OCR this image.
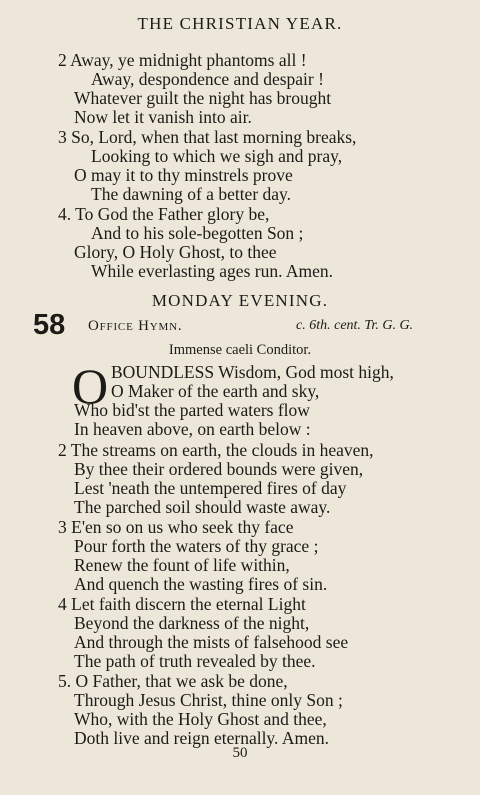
THE CHRISTIAN YEAR.
2 Away, ye midnight phantoms all !
Away, despondence and despair !
Whatever guilt the night has brought
Now let it vanish into air.
3 So, Lord, when that last morning breaks,
Looking to which we sigh and pray,
O may it to thy minstrels prove
The dawning of a better day.
4. To God the Father glory be,
And to his sole-begotten Son ;
Glory, O Holy Ghost, to thee
While everlasting ages run. Amen.
MONDAY EVENING.
58 Office Hymn.	c. 6th. cent. Tr. G. G.
Immense caeli Conditor.
O BOUNDLESS Wisdom, God most high,
O Maker of the earth and sky,
Who bid'st the parted waters flow
In heaven above, on earth below :
2 The streams on earth, the clouds in heaven,
By thee their ordered bounds were given,
Lest 'neath the untempered fires of day
The parched soil should waste away.
3 E'en so on us who seek thy face
Pour forth the waters of thy grace ;
Renew the fount of life within,
And quench the wasting fires of sin.
4 Let faith discern the eternal Light
Beyond the darkness of the night,
And through the mists of falsehood see
The path of truth revealed by thee.
5. O Father, that we ask be done,
Through Jesus Christ, thine only Son ;
Who, with the Holy Ghost and thee,
Doth live and reign eternally. Amen.
50
